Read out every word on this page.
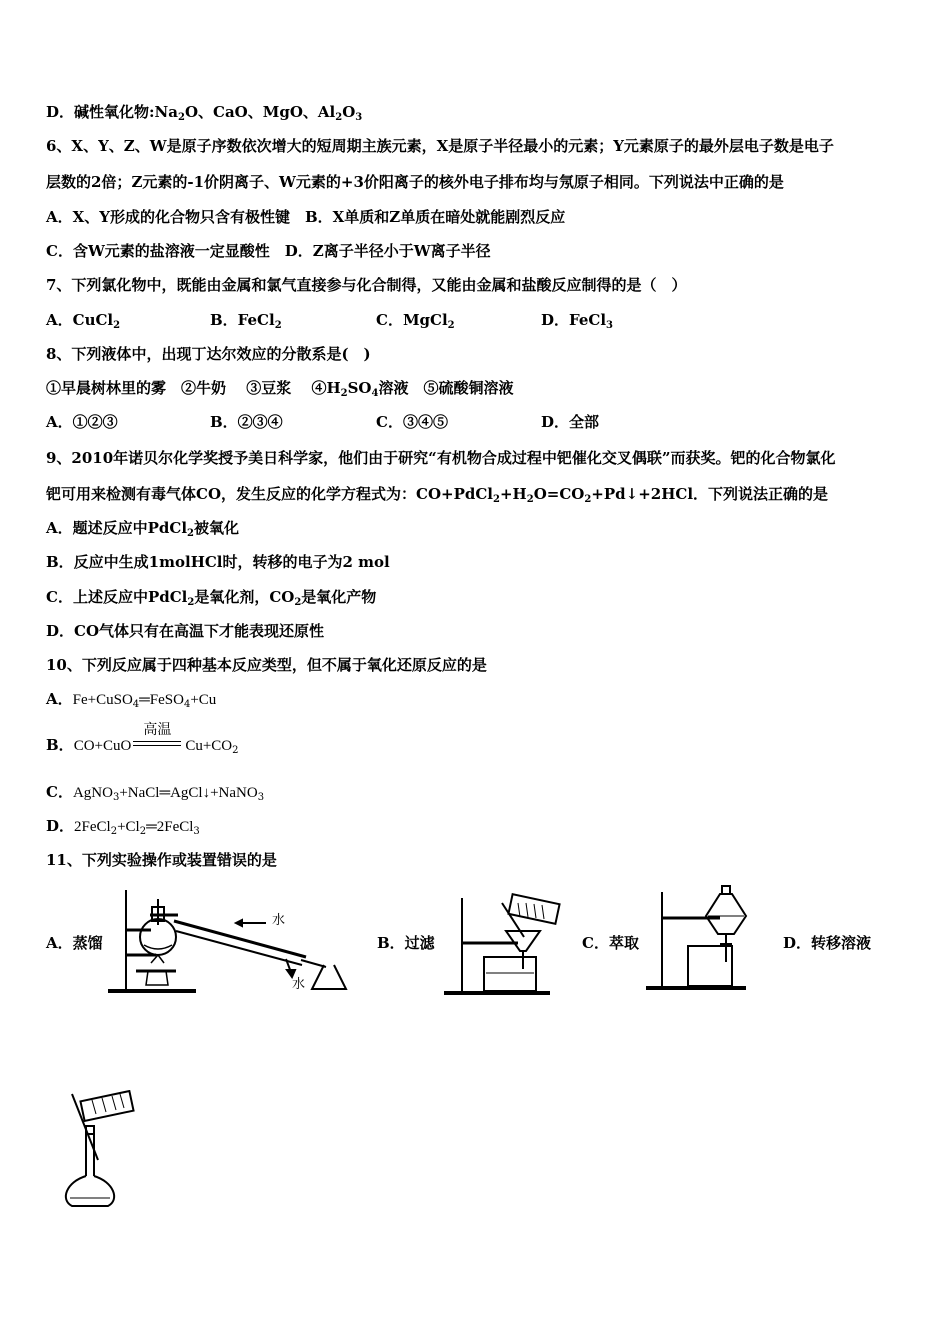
D．碱性氧化物$:Na_2O$、CaO、MgO、$Al_2O_3$
6、X、Y、Z、W是原子序数依次增大的短周期主族元素，X是原子半径最小的元素；Y元素原子的最外层电子数是电子
层数的2倍；Z元素的-1价阴离子、W元素的+3价阳离子的核外电子排布均与氖原子相同。下列说法中正确的是
A．X、Y形成的化合物只含有极性键　B．X单质和Z单质在暗处就能剧烈反应
C．含W元素的盐溶液一定显酸性　D．Z离子半径小于W离子半径
7、下列氯化物中，既能由金属和氯气直接参与化合制得，又能由金属和盐酸反应制得的是（　）
A．CuCl$_2$	B．FeCl$_2$	C．MgCl$_2$	D．FeCl$_3$
8、下列液体中，出现丁达尔效应的分散系是(　)
①早晨树林里的雾　②牛奶　 ③豆浆　 $④H_2SO_4$溶液　⑤硫酸铜溶液
A．①②③	B．②③④	C．③④⑤	D．全部
9、2010年诺贝尔化学奖授予美日科学家，他们由于研究“有机物合成过程中钯催化交叉偶联”而获奖。钯的化合物氯化
钯可用来检测有毒气体CO，发生反应的化学方程式为：$CO+PdCl_2+H_2O=CO_2+Pd↓+2HCl$．下列说法正确的是
A．题述反应中PdCl$_2$被氧化
B．反应中生成1molHCl时，转移的电子为2 mol
C．上述反应中PdCl$_2$是氧化剂，$CO_2$是氧化产物
D．CO气体只有在高温下才能表现还原性
10、下列反应属于四种基本反应类型，但不属于氧化还原反应的是
A．Fe+CuSO$_4$═FeSO$_4$+Cu
B．CO+CuO
高温
$Cu+CO_2$
C．AgNO$_3$+NaCl═AgCl↓+NaNO$_3$
D．$2FeCl_2+Cl_2═2FeCl_3$
11、下列实验操作或装置错误的是
A．蒸馏	B．过滤	C．萃取	D．转移溶液
水
水
